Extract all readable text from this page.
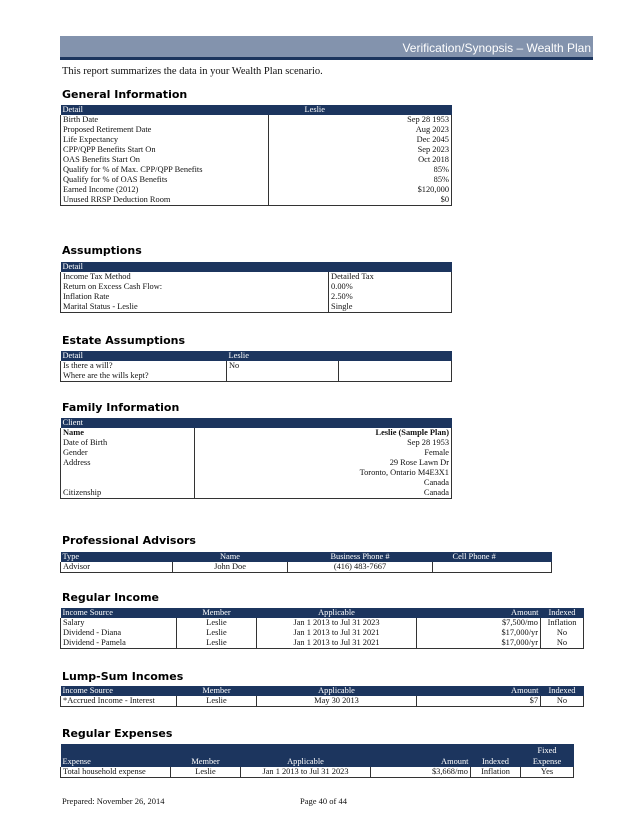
Verification/Synopsis – Wealth Plan
This report summarizes the data in your Wealth Plan scenario.
General Information
Detail	Leslie
Birth Date	Sep 28 1953
Proposed Retirement Date	Aug 2023
Life Expectancy	Dec 2045
CPP/QPP Benefits Start On	Sep 2023
OAS Benefits Start On	Oct 2018
Qualify for % of Max. CPP/QPP Benefits	85%
Qualify for % of OAS Benefits	85%
Earned Income (2012)	$120,000
Unused RRSP Deduction Room	$0
Assumptions
Detail	
Income Tax Method	Detailed Tax
Return on Excess Cash Flow:	0.00%
Inflation Rate	2.50%
Marital Status - Leslie	Single
Estate Assumptions
Detail	Leslie	
Is there a will?	No	
Where are the wills kept?		
Family Information
Client	
Name	Leslie (Sample Plan)
Date of Birth	Sep 28 1953
Gender	Female
Address	29 Rose Lawn Dr
	Toronto, Ontario M4E3X1
	Canada
Citizenship	Canada
Professional Advisors
Type	Name	Business Phone #	Cell Phone #
Advisor	John Doe	(416) 483-7667	
Regular Income
Income Source	Member	Applicable	Amount	Indexed
Salary	Leslie	Jan 1 2013 to Jul 31 2023	$7,500/mo	Inflation
Dividend - Diana	Leslie	Jan 1 2013 to Jul 31 2021	$17,000/yr	No
Dividend - Pamela	Leslie	Jan 1 2013 to Jul 31 2021	$17,000/yr	No
Lump-Sum Incomes
Income Source	Member	Applicable	Amount	Indexed
*Accrued Income - Interest	Leslie	May 30 2013	$7	No
Regular Expenses
Expense	Member	Applicable	Amount	Indexed	Fixed
Expense
Total household expense	Leslie	Jan 1 2013 to Jul 31 2023	$3,668/mo	Inflation	Yes
Prepared: November 26, 2014	Page 40 of 44
